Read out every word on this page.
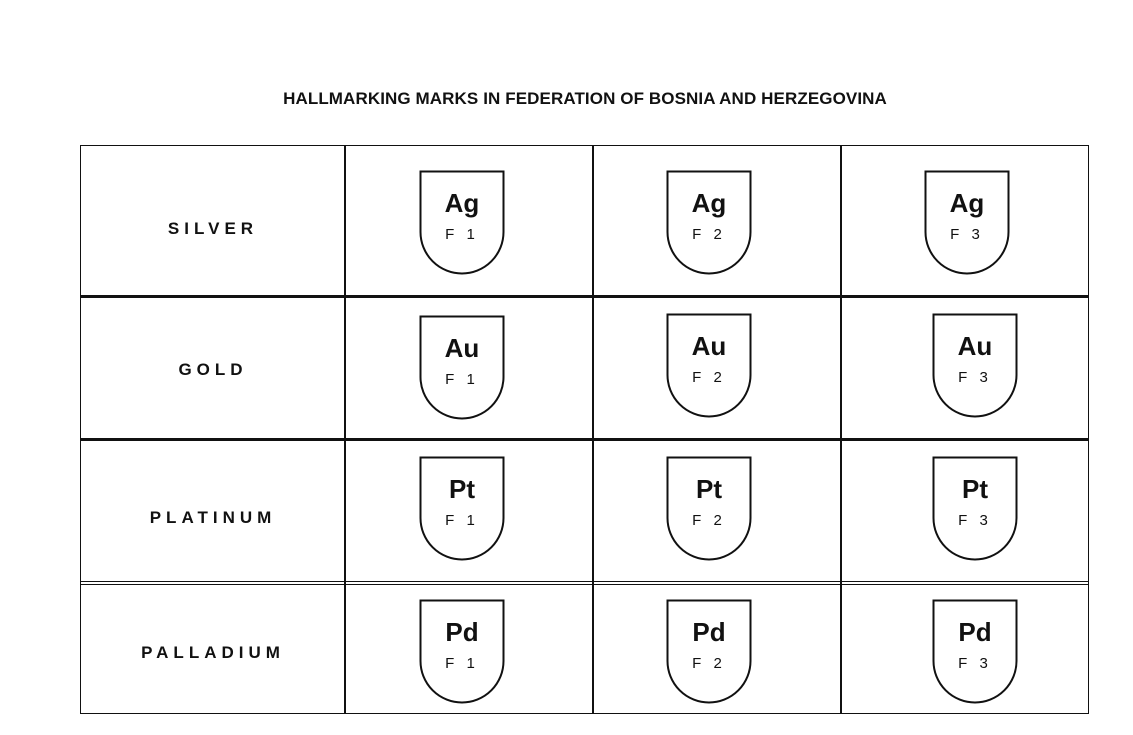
HALLMARKING MARKS IN FEDERATION OF BOSNIA AND HERZEGOVINA
SILVER
Ag
F 1
Ag
F 2
Ag
F 3
GOLD
Au
F 1
Au
F 2
Au
F 3
PLATINUM
Pt
F 1
Pt
F 2
Pt
F 3
PALLADIUM
Pd
F 1
Pd
F 2
Pd
F 3
